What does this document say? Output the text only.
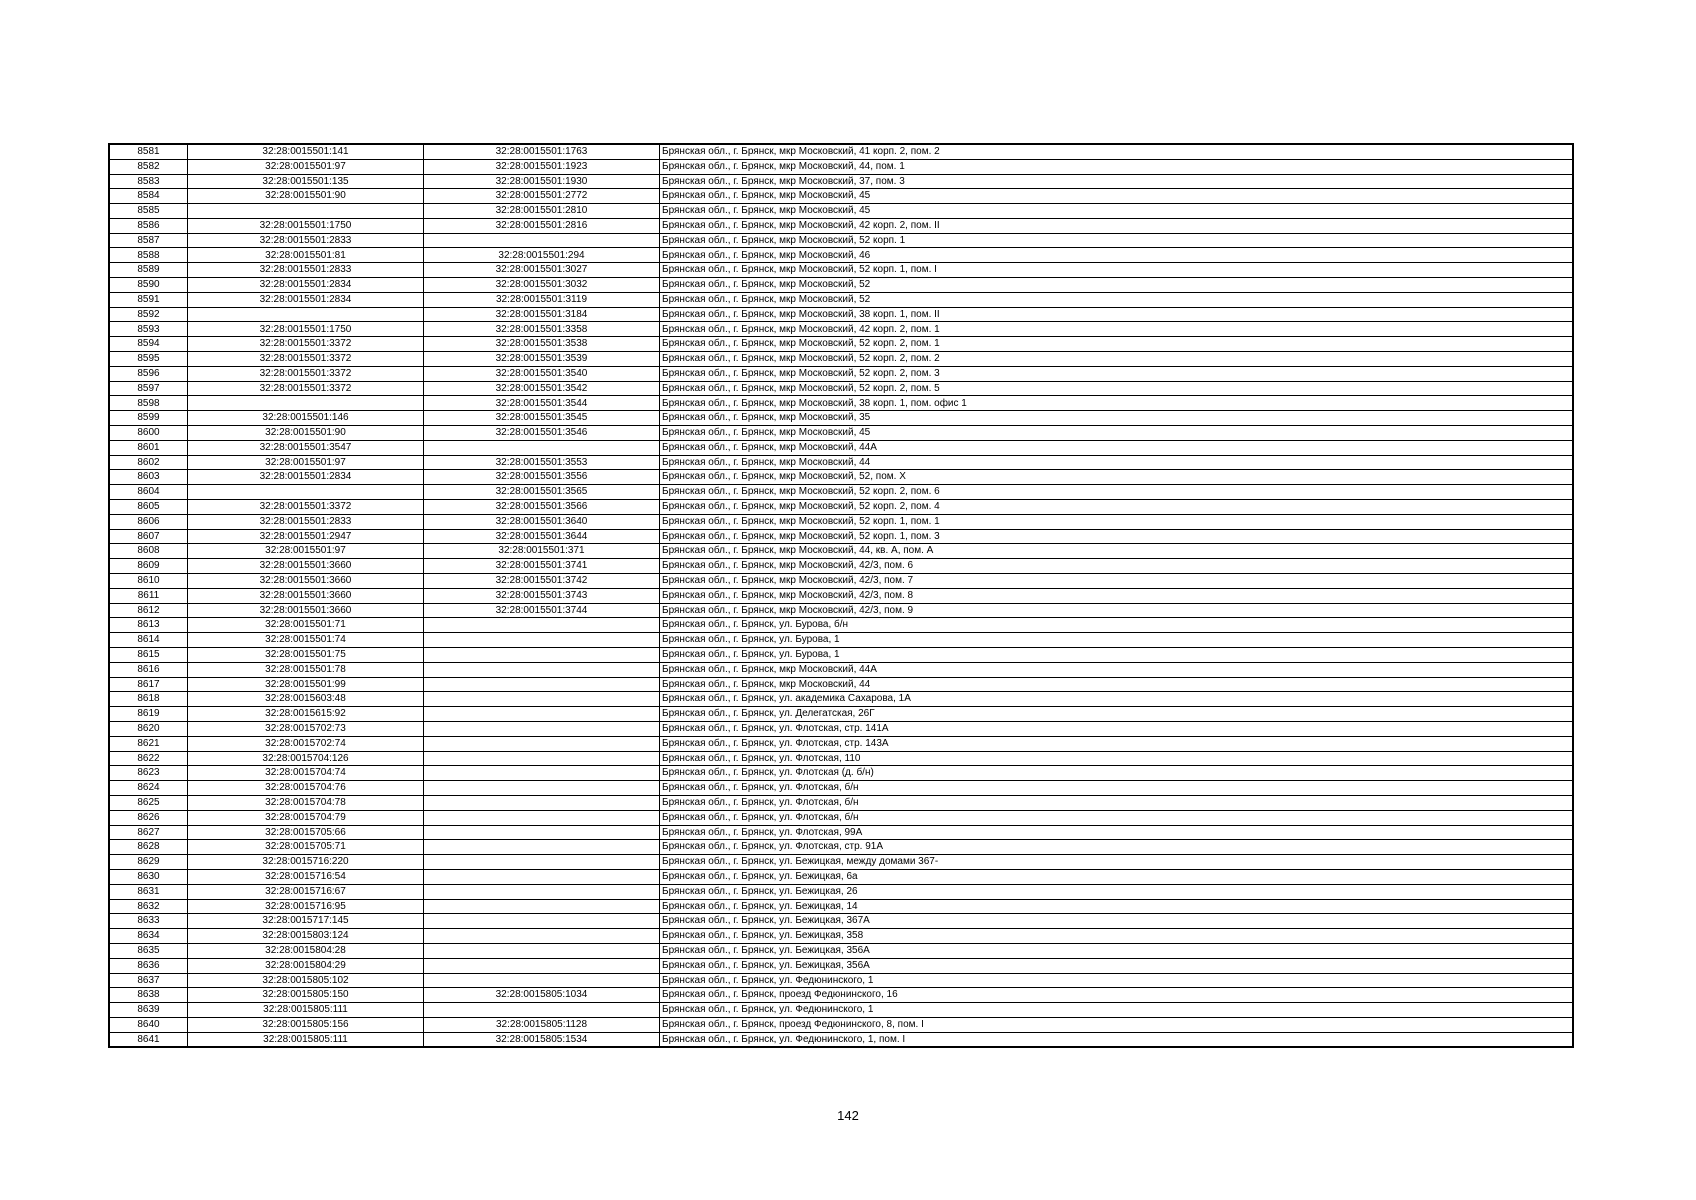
8581	32:28:0015501:141	32:28:0015501:1763	Брянская обл., г. Брянск, мкр Московский, 41 корп. 2, пом. 2
8582	32:28:0015501:97	32:28:0015501:1923	Брянская обл., г. Брянск, мкр Московский, 44, пом. 1
8583	32:28:0015501:135	32:28:0015501:1930	Брянская обл., г. Брянск, мкр Московский, 37, пом. 3
8584	32:28:0015501:90	32:28:0015501:2772	Брянская обл., г. Брянск, мкр Московский, 45
8585		32:28:0015501:2810	Брянская обл., г. Брянск, мкр Московский, 45
8586	32:28:0015501:1750	32:28:0015501:2816	Брянская обл., г. Брянск, мкр Московский, 42 корп. 2, пом. II
8587	32:28:0015501:2833		Брянская обл., г. Брянск, мкр Московский, 52 корп. 1
8588	32:28:0015501:81	32:28:0015501:294	Брянская обл., г. Брянск, мкр Московский, 46
8589	32:28:0015501:2833	32:28:0015501:3027	Брянская обл., г. Брянск, мкр Московский, 52 корп. 1, пом. I
8590	32:28:0015501:2834	32:28:0015501:3032	Брянская обл., г. Брянск, мкр Московский, 52
8591	32:28:0015501:2834	32:28:0015501:3119	Брянская обл., г. Брянск, мкр Московский, 52
8592		32:28:0015501:3184	Брянская обл., г. Брянск, мкр Московский, 38 корп. 1, пом. II
8593	32:28:0015501:1750	32:28:0015501:3358	Брянская обл., г. Брянск, мкр Московский, 42 корп. 2, пом. 1
8594	32:28:0015501:3372	32:28:0015501:3538	Брянская обл., г. Брянск, мкр Московский, 52 корп. 2, пом. 1
8595	32:28:0015501:3372	32:28:0015501:3539	Брянская обл., г. Брянск, мкр Московский, 52 корп. 2, пом. 2
8596	32:28:0015501:3372	32:28:0015501:3540	Брянская обл., г. Брянск, мкр Московский, 52 корп. 2, пом. 3
8597	32:28:0015501:3372	32:28:0015501:3542	Брянская обл., г. Брянск, мкр Московский, 52 корп. 2, пом. 5
8598		32:28:0015501:3544	Брянская обл., г. Брянск, мкр Московский, 38 корп. 1, пом. офис 1
8599	32:28:0015501:146	32:28:0015501:3545	Брянская обл., г. Брянск, мкр Московский, 35
8600	32:28:0015501:90	32:28:0015501:3546	Брянская обл., г. Брянск, мкр Московский, 45
8601	32:28:0015501:3547		Брянская обл., г. Брянск, мкр Московский, 44А
8602	32:28:0015501:97	32:28:0015501:3553	Брянская обл., г. Брянск, мкр Московский, 44
8603	32:28:0015501:2834	32:28:0015501:3556	Брянская обл., г. Брянск, мкр Московский, 52, пом. X
8604		32:28:0015501:3565	Брянская обл., г. Брянск, мкр Московский, 52 корп. 2, пом. 6
8605	32:28:0015501:3372	32:28:0015501:3566	Брянская обл., г. Брянск, мкр Московский, 52 корп. 2, пом. 4
8606	32:28:0015501:2833	32:28:0015501:3640	Брянская обл., г. Брянск, мкр Московский, 52 корп. 1, пом. 1
8607	32:28:0015501:2947	32:28:0015501:3644	Брянская обл., г. Брянск, мкр Московский, 52 корп. 1, пом. 3
8608	32:28:0015501:97	32:28:0015501:371	Брянская обл., г. Брянск, мкр Московский, 44, кв. А, пом. А
8609	32:28:0015501:3660	32:28:0015501:3741	Брянская обл., г. Брянск, мкр Московский, 42/3, пом. 6
8610	32:28:0015501:3660	32:28:0015501:3742	Брянская обл., г. Брянск, мкр Московский, 42/3, пом. 7
8611	32:28:0015501:3660	32:28:0015501:3743	Брянская обл., г. Брянск, мкр Московский, 42/3, пом. 8
8612	32:28:0015501:3660	32:28:0015501:3744	Брянская обл., г. Брянск, мкр Московский, 42/3, пом. 9
8613	32:28:0015501:71		Брянская обл., г. Брянск, ул. Бурова, б/н
8614	32:28:0015501:74		Брянская обл., г. Брянск, ул. Бурова, 1
8615	32:28:0015501:75		Брянская обл., г. Брянск, ул. Бурова, 1
8616	32:28:0015501:78		Брянская обл., г. Брянск, мкр Московский, 44А
8617	32:28:0015501:99		Брянская обл., г. Брянск, мкр Московский, 44
8618	32:28:0015603:48		Брянская обл., г. Брянск, ул. академика Сахарова, 1А
8619	32:28:0015615:92		Брянская обл., г. Брянск, ул. Делегатская, 26Г
8620	32:28:0015702:73		Брянская обл., г. Брянск, ул. Флотская, стр. 141А
8621	32:28:0015702:74		Брянская обл., г. Брянск, ул. Флотская, стр. 143А
8622	32:28:0015704:126		Брянская обл., г. Брянск, ул. Флотская, 110
8623	32:28:0015704:74		Брянская обл., г. Брянск, ул. Флотская (д. б/н)
8624	32:28:0015704:76		Брянская обл., г. Брянск, ул. Флотская, б/н
8625	32:28:0015704:78		Брянская обл., г. Брянск, ул. Флотская, б/н
8626	32:28:0015704:79		Брянская обл., г. Брянск, ул. Флотская, б/н
8627	32:28:0015705:66		Брянская обл., г. Брянск, ул. Флотская, 99А
8628	32:28:0015705:71		Брянская обл., г. Брянск, ул. Флотская, стр. 91А
8629	32:28:0015716:220		Брянская обл., г. Брянск, ул. Бежицкая, между домами 367-
8630	32:28:0015716:54		Брянская обл., г. Брянск, ул. Бежицкая, 6а
8631	32:28:0015716:67		Брянская обл., г. Брянск, ул. Бежицкая, 26
8632	32:28:0015716:95		Брянская обл., г. Брянск, ул. Бежицкая, 14
8633	32:28:0015717:145		Брянская обл., г. Брянск, ул. Бежицкая, 367А
8634	32:28:0015803:124		Брянская обл., г. Брянск, ул. Бежицкая, 358
8635	32:28:0015804:28		Брянская обл., г. Брянск, ул. Бежицкая, 356А
8636	32:28:0015804:29		Брянская обл., г. Брянск, ул. Бежицкая, 356А
8637	32:28:0015805:102		Брянская обл., г. Брянск, ул. Федюнинского, 1
8638	32:28:0015805:150	32:28:0015805:1034	Брянская обл., г. Брянск, проезд Федюнинского, 16
8639	32:28:0015805:111		Брянская обл., г. Брянск, ул. Федюнинского, 1
8640	32:28:0015805:156	32:28:0015805:1128	Брянская обл., г. Брянск, проезд Федюнинского, 8, пом. I
8641	32:28:0015805:111	32:28:0015805:1534	Брянская обл., г. Брянск, ул. Федюнинского, 1, пом. I
142
